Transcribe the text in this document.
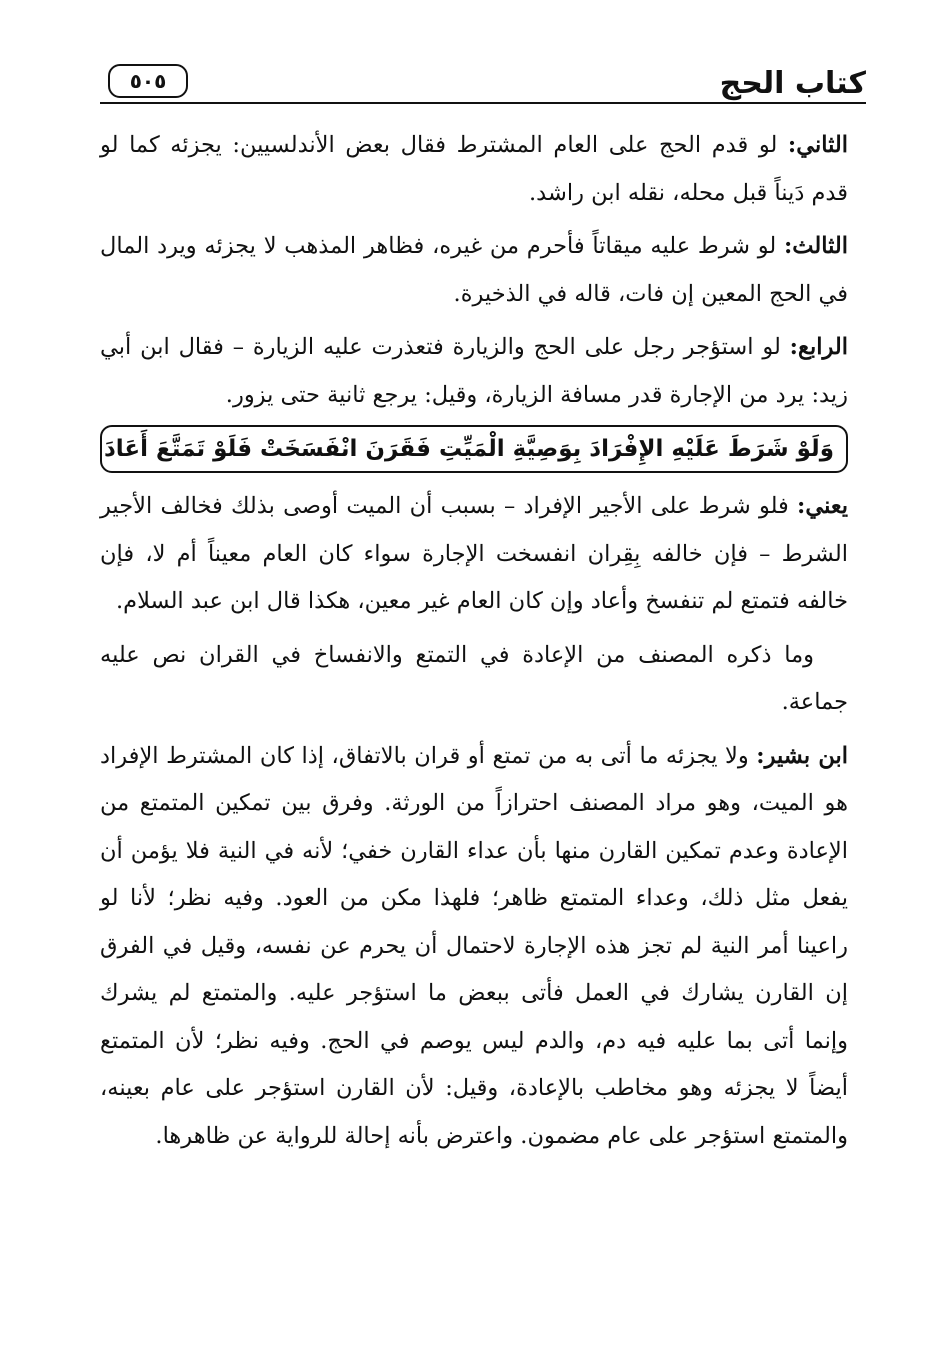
كتاب الحج
٥٠٥

الثاني: لو قدم الحج على العام المشترط فقال بعض الأندلسيين: يجزئه كما لو قدم دَيناً قبل محله، نقله ابن راشد.

الثالث: لو شرط عليه ميقاتاً فأحرم من غيره، فظاهر المذهب لا يجزئه ويرد المال في الحج المعين إن فات، قاله في الذخيرة.

الرابع: لو استؤجر رجل على الحج والزيارة فتعذرت عليه الزيارة – فقال ابن أبي زيد: يرد من الإجارة قدر مسافة الزيارة، وقيل: يرجع ثانية حتى يزور.

وَلَوْ شَرَطَ عَلَيْهِ الإِفْرَادَ بِوَصِيَّةِ الْمَيِّتِ فَقَرَنَ انْفَسَخَتْ فَلَوْ تَمَتَّعَ أَعَادَ

يعني: فلو شرط على الأجير الإفراد – بسبب أن الميت أوصى بذلك فخالف الأجير الشرط – فإن خالفه بِقِران انفسخت الإجارة سواء كان العام معيناً أم لا، فإن خالفه فتمتع لم تنفسخ وأعاد وإن كان العام غير معين، هكذا قال ابن عبد السلام.

وما ذكره المصنف من الإعادة في التمتع والانفساخ في القران نص عليه جماعة.

ابن بشير: ولا يجزئه ما أتى به من تمتع أو قران بالاتفاق، إذا كان المشترط الإفراد هو الميت، وهو مراد المصنف احترازاً من الورثة. وفرق بين تمكين المتمتع من الإعادة وعدم تمكين القارن منها بأن عداء القارن خفي؛ لأنه في النية فلا يؤمن أن يفعل مثل ذلك، وعداء المتمتع ظاهر؛ فلهذا مكن من العود. وفيه نظر؛ لأنا لو راعينا أمر النية لم تجز هذه الإجارة لاحتمال أن يحرم عن نفسه، وقيل في الفرق إن القارن يشارك في العمل فأتى ببعض ما استؤجر عليه. والمتمتع لم يشرك وإنما أتى بما عليه فيه دم، والدم ليس يوصم في الحج. وفيه نظر؛ لأن المتمتع أيضاً لا يجزئه وهو مخاطب بالإعادة، وقيل: لأن القارن استؤجر على عام بعينه، والمتمتع استؤجر على عام مضمون. واعترض بأنه إحالة للرواية عن ظاهرها.
